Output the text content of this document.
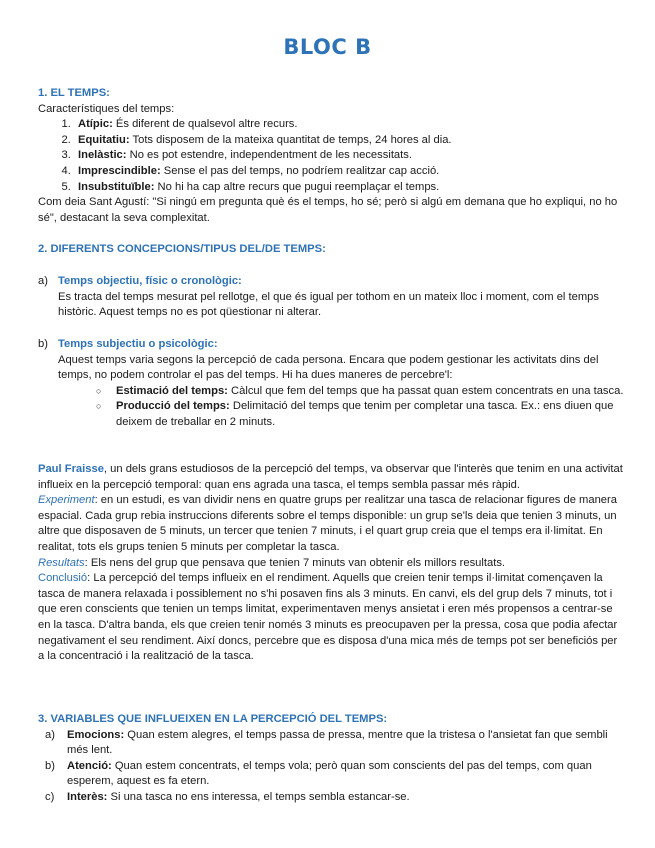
BLOC B

1. EL TEMPS:

Característiques del temps:

1. Atípic: És diferent de qualsevol altre recurs.
2. Equitatiu: Tots disposem de la mateixa quantitat de temps, 24 hores al dia.
3. Inelàstic: No es pot estendre, independentment de les necessitats.
4. Imprescindible: Sense el pas del temps, no podríem realitzar cap acció.
5. Insubstituïble: No hi ha cap altre recurs que pugui reemplaçar el temps.

Com deia Sant Agustí: "Si ningú em pregunta què és el temps, ho sé; però si algú em demana que ho expliqui, no ho sé", destacant la seva complexitat.

2. DIFERENTS CONCEPCIONS/TIPUS DEL/DE TEMPS:

a) Temps objectiu, físic o cronològic:

Es tracta del temps mesurat pel rellotge, el que és igual per tothom en un mateix lloc i moment, com el temps històric. Aquest temps no es pot qüestionar ni alterar.

b) Temps subjectiu o psicològic:

Aquest temps varia segons la percepció de cada persona. Encara que podem gestionar les activitats dins del temps, no podem controlar el pas del temps. Hi ha dues maneres de percebre'l:

○ Estimació del temps: Càlcul que fem del temps que ha passat quan estem concentrats en una tasca.
○ Producció del temps: Delimitació del temps que tenim per completar una tasca. Ex.: ens diuen que deixem de treballar en 2 minuts.

Paul Fraisse, un dels grans estudiosos de la percepció del temps, va observar que l'interès que tenim en una activitat influeix en la percepció temporal: quan ens agrada una tasca, el temps sembla passar més ràpid.

Experiment: en un estudi, es van dividir nens en quatre grups per realitzar una tasca de relacionar figures de manera espacial. Cada grup rebia instruccions diferents sobre el temps disponible: un grup se'ls deia que tenien 3 minuts, un altre que disposaven de 5 minuts, un tercer que tenien 7 minuts, i el quart grup creia que el temps era il·limitat. En realitat, tots els grups tenien 5 minuts per completar la tasca.

Resultats: Els nens del grup que pensava que tenien 7 minuts van obtenir els millors resultats.

Conclusió: La percepció del temps influeix en el rendiment. Aquells que creien tenir temps il·limitat començaven la tasca de manera relaxada i possiblement no s'hi posaven fins als 3 minuts. En canvi, els del grup dels 7 minuts, tot i que eren conscients que tenien un temps limitat, experimentaven menys ansietat i eren més propensos a centrar-se en la tasca. D'altra banda, els que creien tenir només 3 minuts es preocupaven per la pressa, cosa que podia afectar negativament el seu rendiment. Així doncs, percebre que es disposa d'una mica més de temps pot ser beneficiós per a la concentració i la realització de la tasca.

3. VARIABLES QUE INFLUEIXEN EN LA PERCEPCIÓ DEL TEMPS:

a) Emocions: Quan estem alegres, el temps passa de pressa, mentre que la tristesa o l'ansietat fan que sembli més lent.
b) Atenció: Quan estem concentrats, el temps vola; però quan som conscients del pas del temps, com quan esperem, aquest es fa etern.
c) Interès: Si una tasca no ens interessa, el temps sembla estancar-se.
